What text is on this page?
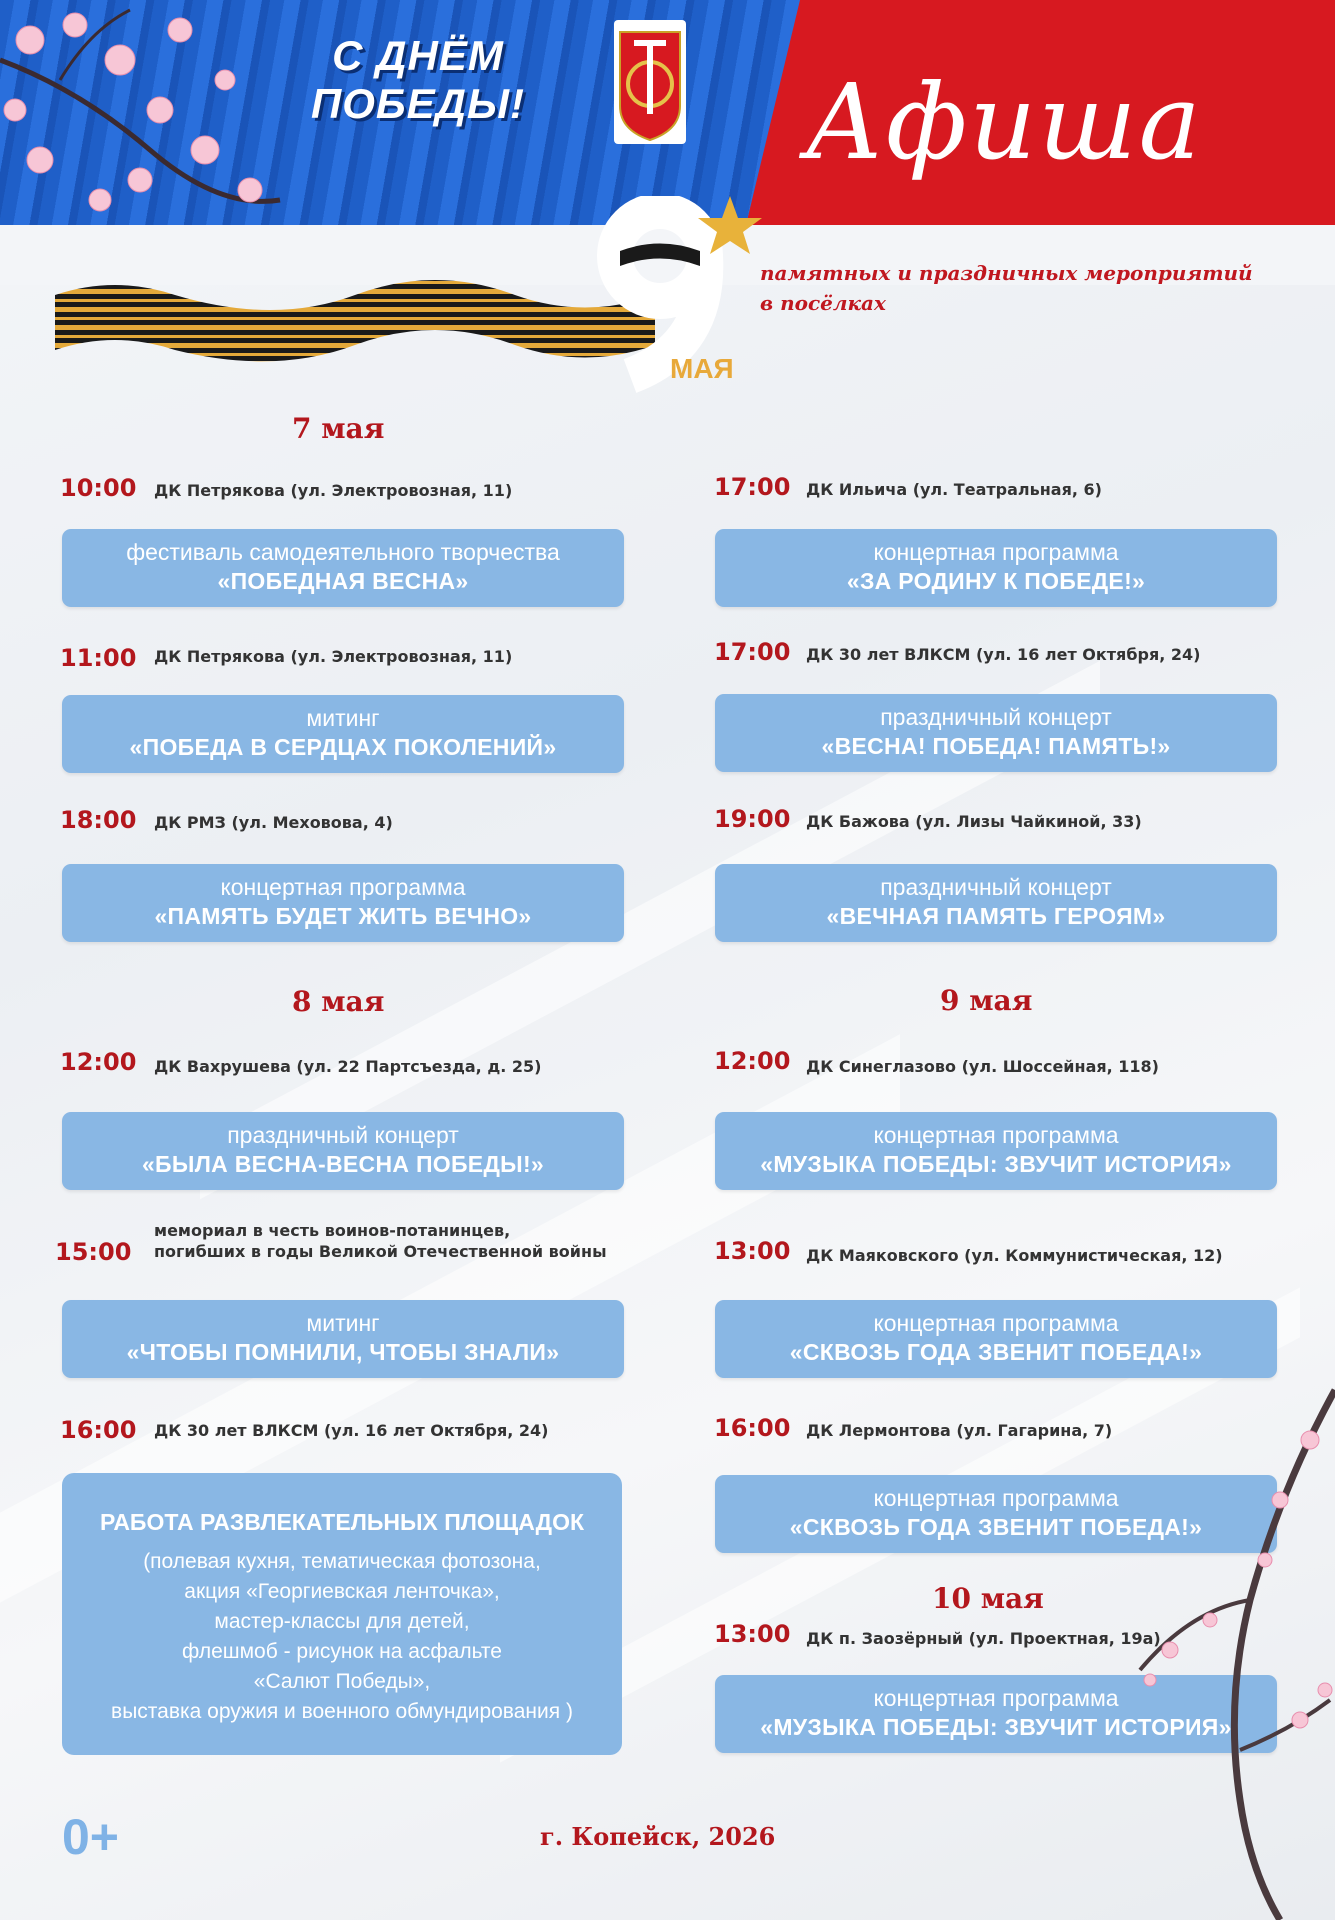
С ДНЁМ
ПОБЕДЫ!	Афиша
МАЯ
памятных и праздничных мероприятий
в посёлках
7 мая
10:00 ДК Петрякова (ул. Электровозная, 11)
фестиваль самодеятельного творчества
«ПОБЕДНАЯ ВЕСНА»
11:00 ДК Петрякова (ул. Электровозная, 11)
митинг
«ПОБЕДА В СЕРДЦАХ ПОКОЛЕНИЙ»
18:00 ДК РМЗ (ул. Меховова, 4)
концертная программа
«ПАМЯТЬ БУДЕТ ЖИТЬ ВЕЧНО»
8 мая
12:00 ДК Вахрушева (ул. 22 Партсъезда, д. 25)
праздничный концерт
«БЫЛА ВЕСНА-ВЕСНА ПОБЕДЫ!»
15:00
мемориал в честь воинов-потанинцев,
погибших в годы Великой Отечественной войны
митинг
«ЧТОБЫ ПОМНИЛИ, ЧТОБЫ ЗНАЛИ»
16:00 ДК 30 лет ВЛКСМ (ул. 16 лет Октября, 24)
РАБОТА РАЗВЛЕКАТЕЛЬНЫХ ПЛОЩАДОК
(полевая кухня, тематическая фотозона,
акция «Георгиевская ленточка»,
мастер-классы для детей,
флешмоб - рисунок на асфальте
«Салют Победы»,
выставка оружия и военного обмундирования )
17:00 ДК Ильича (ул. Театральная, 6)
концертная программа
«ЗА РОДИНУ К ПОБЕДЕ!»
17:00 ДК 30 лет ВЛКСМ (ул. 16 лет Октября, 24)
праздничный концерт
«ВЕСНА! ПОБЕДА! ПАМЯТЬ!»
19:00 ДК Бажова (ул. Лизы Чайкиной, 33)
праздничный концерт
«ВЕЧНАЯ ПАМЯТЬ ГЕРОЯМ»
9 мая
12:00 ДК Синеглазово (ул. Шоссейная, 118)
концертная программа
«МУЗЫКА ПОБЕДЫ: ЗВУЧИТ ИСТОРИЯ»
13:00 ДК Маяковского (ул. Коммунистическая, 12)
концертная программа
«СКВОЗЬ ГОДА ЗВЕНИТ ПОБЕДА!»
16:00 ДК Лермонтова (ул. Гагарина, 7)
концертная программа
«СКВОЗЬ ГОДА ЗВЕНИТ ПОБЕДА!»
10 мая
13:00 ДК п. Заозёрный (ул. Проектная, 19а)
концертная программа
«МУЗЫКА ПОБЕДЫ: ЗВУЧИТ ИСТОРИЯ»
0+	г. Копейск, 2026
